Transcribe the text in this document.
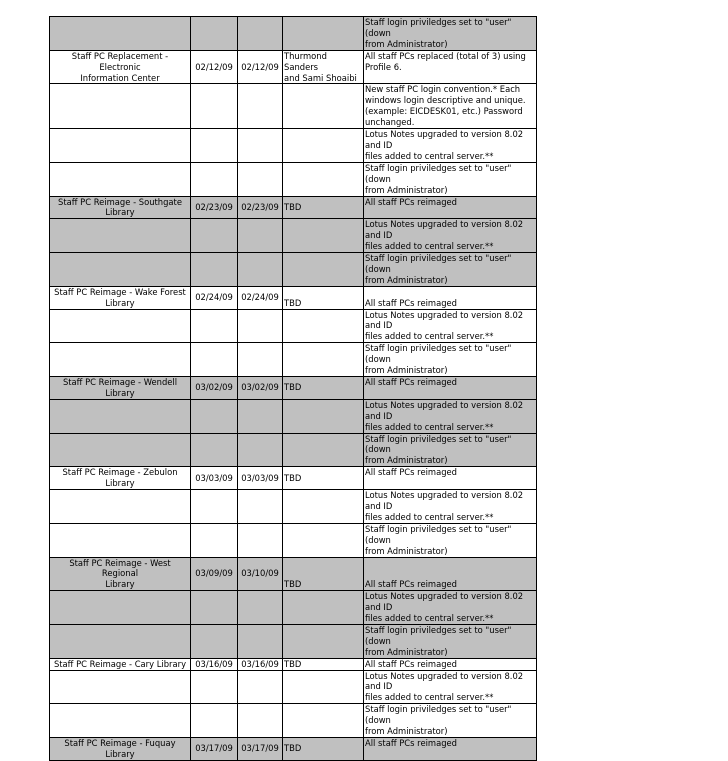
				Staff login priviledges set to "user" (down
from Administrator)
Staff PC Replacement - Electronic
Information Center	02/12/09	02/12/09	Thurmond Sanders
and Sami Shoaibi	All staff PCs replaced (total of 3) using
Profile 6.
				New staff PC login convention.* Each
windows login descriptive and unique.
(example: EICDESK01, etc.) Password
unchanged.
				Lotus Notes upgraded to version 8.02 and ID
files added to central server.**
				Staff login priviledges set to "user" (down
from Administrator)
Staff PC Reimage - Southgate Library	02/23/09	02/23/09	TBD	All staff PCs reimaged
				Lotus Notes upgraded to version 8.02 and ID
files added to central server.**
				Staff login priviledges set to "user" (down
from Administrator)
Staff PC Reimage - Wake Forest
Library	02/24/09	02/24/09	TBD	All staff PCs reimaged
				Lotus Notes upgraded to version 8.02 and ID
files added to central server.**
				Staff login priviledges set to "user" (down
from Administrator)
Staff PC Reimage - Wendell Library	03/02/09	03/02/09	TBD	All staff PCs reimaged
				Lotus Notes upgraded to version 8.02 and ID
files added to central server.**
				Staff login priviledges set to "user" (down
from Administrator)
Staff PC Reimage - Zebulon Library	03/03/09	03/03/09	TBD	All staff PCs reimaged
				Lotus Notes upgraded to version 8.02 and ID
files added to central server.**
				Staff login priviledges set to "user" (down
from Administrator)
Staff PC Reimage - West Regional
Library	03/09/09	03/10/09	TBD	All staff PCs reimaged
				Lotus Notes upgraded to version 8.02 and ID
files added to central server.**
				Staff login priviledges set to "user" (down
from Administrator)
Staff PC Reimage - Cary Library	03/16/09	03/16/09	TBD	All staff PCs reimaged
				Lotus Notes upgraded to version 8.02 and ID
files added to central server.**
				Staff login priviledges set to "user" (down
from Administrator)
Staff PC Reimage - Fuquay Library	03/17/09	03/17/09	TBD	All staff PCs reimaged
